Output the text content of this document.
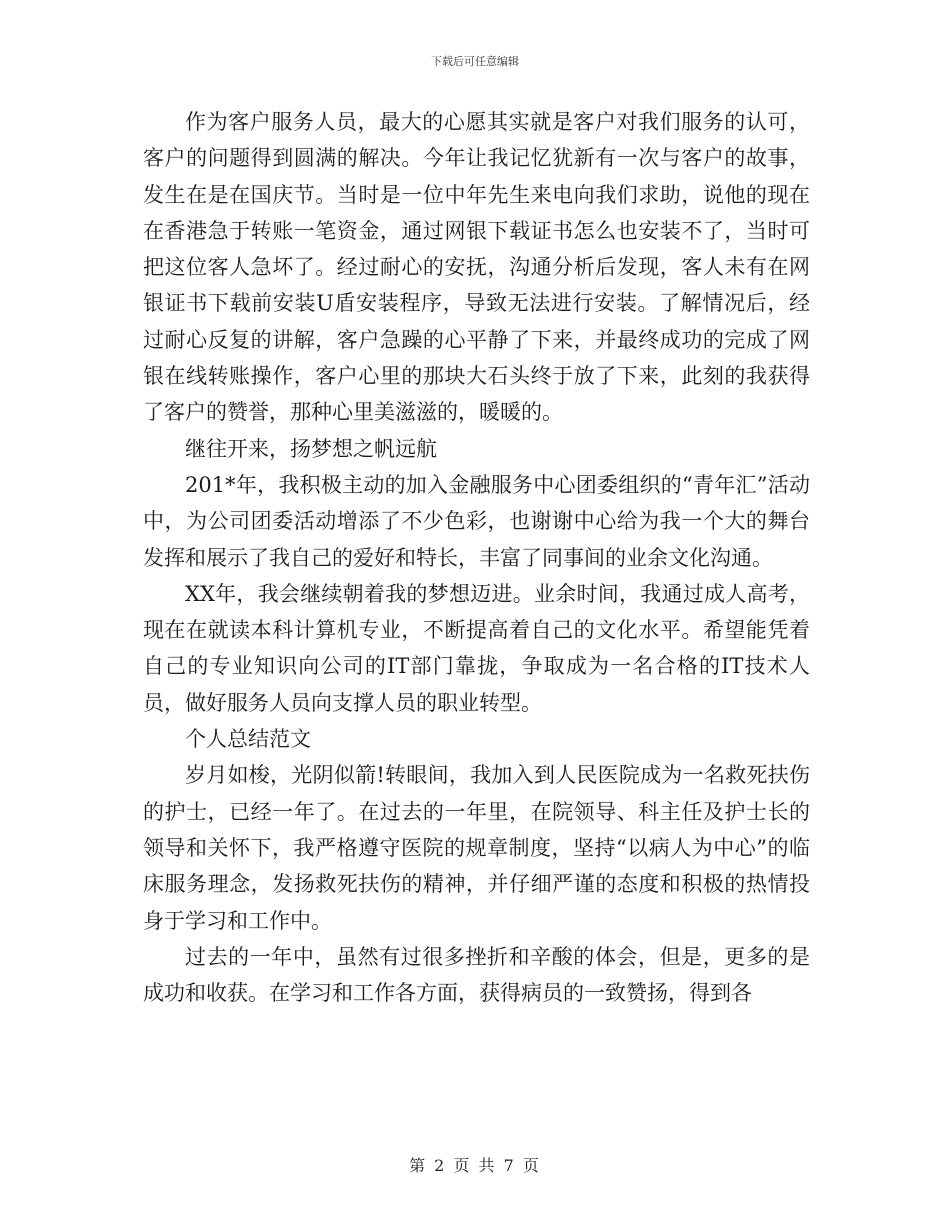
下载后可任意编辑

作为客户服务人员，最大的心愿其实就是客户对我们服务的认可，客户的问题得到圆满的解决。今年让我记忆犹新有一次与客户的故事，发生在是在国庆节。当时是一位中年先生来电向我们求助，说他的现在在香港急于转账一笔资金，通过网银下载证书怎么也安装不了，当时可把这位客人急坏了。经过耐心的安抚，沟通分析后发现，客人未有在网银证书下载前安装U盾安装程序，导致无法进行安装。了解情况后，经过耐心反复的讲解，客户急躁的心平静了下来，并最终成功的完成了网银在线转账操作，客户心里的那块大石头终于放了下来，此刻的我获得了客户的赞誉，那种心里美滋滋的，暖暖的。

继往开来，扬梦想之帆远航

201*年，我积极主动的加入金融服务中心团委组织的“青年汇”活动中，为公司团委活动增添了不少色彩，也谢谢中心给为我一个大的舞台发挥和展示了我自己的爱好和特长，丰富了同事间的业余文化沟通。

XX年，我会继续朝着我的梦想迈进。业余时间，我通过成人高考，现在在就读本科计算机专业，不断提高着自己的文化水平。希望能凭着自己的专业知识向公司的IT部门靠拢，争取成为一名合格的IT技术人员，做好服务人员向支撑人员的职业转型。

个人总结范文

岁月如梭，光阴似箭!转眼间，我加入到人民医院成为一名救死扶伤的护士，已经一年了。在过去的一年里，在院领导、科主任及护士长的领导和关怀下，我严格遵守医院的规章制度，坚持“以病人为中心”的临床服务理念，发扬救死扶伤的精神，并仔细严谨的态度和积极的热情投身于学习和工作中。

过去的一年中，虽然有过很多挫折和辛酸的体会，但是，更多的是成功和收获。在学习和工作各方面，获得病员的一致赞扬，得到各

第 2 页 共 7 页
